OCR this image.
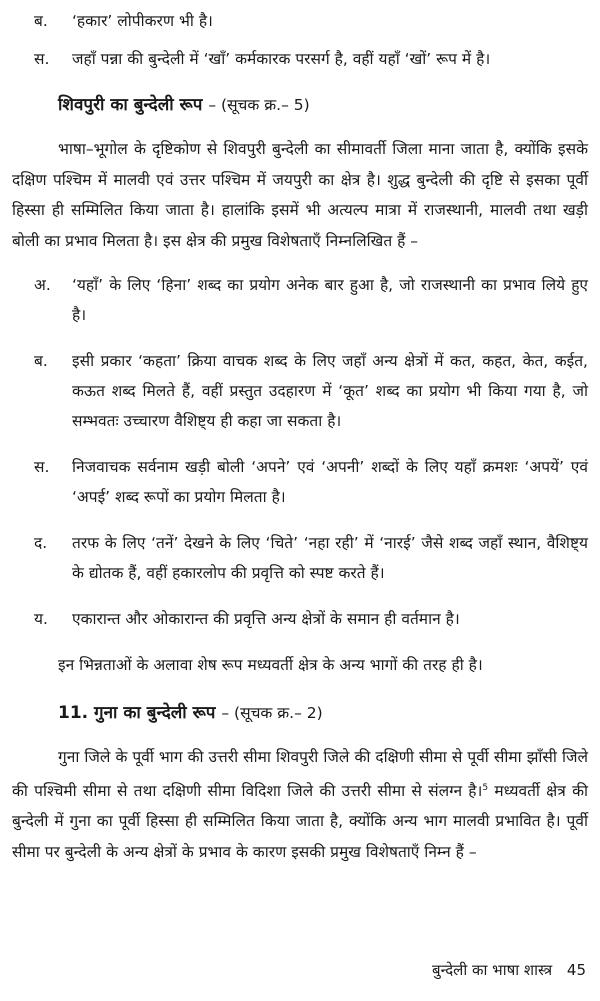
ब.	‘हकार’ लोपीकरण भी है।
स.	जहाँ पन्ना की बुन्देली में ‘खाँ’ कर्मकारक परसर्ग है, वहीं यहाँ ‘खों’ रूप में है।
शिवपुरी का बुन्देली रूप – (सूचक क्र.– 5)
भाषा–भूगोल के दृष्टिकोण से शिवपुरी बुन्देली का सीमावर्ती जिला माना जाता है, क्योंकि इसके दक्षिण पश्चिम में मालवी एवं उत्तर पश्चिम में जयपुरी का क्षेत्र है। शुद्ध बुन्देली की दृष्टि से इसका पूर्वी हिस्सा ही सम्मिलित किया जाता है। हालांकि इसमें भी अत्यल्प मात्रा में राजस्थानी, मालवी तथा खड़ी बोली का प्रभाव मिलता है। इस क्षेत्र की प्रमुख विशेषताएँ निम्नलिखित हैं –
अ.	‘यहाँ’ के लिए ‘हिना’ शब्द का प्रयोग अनेक बार हुआ है, जो राजस्थानी का प्रभाव लिये हुए है।
ब.	इसी प्रकार ‘कहता’ क्रिया वाचक शब्द के लिए जहाँ अन्य क्षेत्रों में कत, कहत, केत, कईत, कऊत शब्द मिलते हैं, वहीं प्रस्तुत उदहारण में ‘कूत’ शब्द का प्रयोग भी किया गया है, जो सम्भवतः उच्चारण वैशिष्ट्य ही कहा जा सकता है।
स.	निजवाचक सर्वनाम खड़ी बोली ‘अपने’ एवं ‘अपनी’ शब्दों के लिए यहाँ क्रमशः ‘अपयें’ एवं ‘अपई’ शब्द रूपों का प्रयोग मिलता है।
द.	तरफ के लिए ‘तनें’ देखने के लिए ‘चिते’ ‘नहा रही’ में ‘नारई’ जैसे शब्द जहाँ स्थान, वैशिष्ट्य के द्योतक हैं, वहीं हकारलोप की प्रवृत्ति को स्पष्ट करते हैं।
य.	एकारान्त और ओकारान्त की प्रवृत्ति अन्य क्षेत्रों के समान ही वर्तमान है।
इन भिन्नताओं के अलावा शेष रूप मध्यवर्ती क्षेत्र के अन्य भागों की तरह ही है।
11. गुना का बुन्देली रूप – (सूचक क्र.– 2)
गुना जिले के पूर्वी भाग की उत्तरी सीमा शिवपुरी जिले की दक्षिणी सीमा से पूर्वी सीमा झाँसी जिले की पश्चिमी सीमा से तथा दक्षिणी सीमा विदिशा जिले की उत्तरी सीमा से संलग्न है।$^5$ मध्यवर्ती क्षेत्र की बुन्देली में गुना का पूर्वी हिस्सा ही सम्मिलित किया जाता है, क्योंकि अन्य भाग मालवी प्रभावित है। पूर्वी सीमा पर बुन्देली के अन्य क्षेत्रों के प्रभाव के कारण इसकी प्रमुख विशेषताएँ निम्न हैं –
बुन्देली का भाषा शास्त्र 45
